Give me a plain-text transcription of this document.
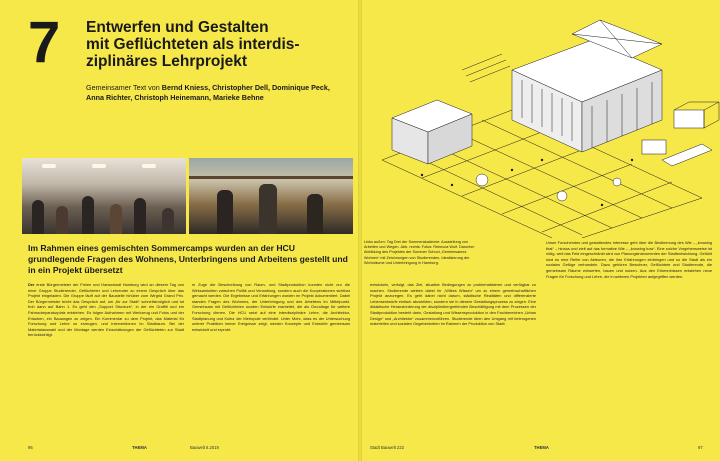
7 Entwerfen und Gestalten
mit Geflüchteten als interdis-
ziplinäres Lehrprojekt
Gemeinsamer Text von Bernd Kniess, Christopher Dell, Dominique Peck, Anna Richter, Christoph Heinemann, Marieke Behne
Im Rahmen eines gemischten Sommercamps wurden an der HCU grundlegende Fragen des Wohnens, Unterbringens und Arbeitens gestellt und in ein Projekt übersetzt
Der erste Bürgermeister der Freien und Hansestadt Hamburg wird an diesem Tag von einer Gruppe Studierender, Geflüchteter und Lehrender zu einem Gespräch über das Projekt eingeladen. Die Gruppe läuft auf der Baustelle hinüber zum Wirgrid Grand Prix. Der Bürgermeister bricht das Gespräch auf, um „für zur Stadt“ schnellstmöglich und tut froh dann auf Bahn 1. Es geht den „Support Structure“, in der ein Graffiti und ein Fahrradreparaturplatz entstehen. Es folgen Aufnahmen mit Werkzeug und Fotos und der Erlauben, ein Bauwagen zu zeigen. Ein Kommentar zu dem Projekt, das Material für Forschung und Lehre zu erzeugen, und Interventionen im Stadtraum. Bei der Materialauswahl und der Montage werden Einschätzungen der Geflüchteten zur Stadt berücksichtigt.
m Zuge der Beschreibung von Raum- und Stadtproduktion konnten nicht nur die Wirksamkeiten zwischen Politik und Verwaltung, sondern auch die Kooperationen sichtbar gemacht werden. Die Ergebnisse und Erfahrungen wurden im Projekt dokumentiert. Dabei standen Fragen des Wohnens, der Unterbringung und des Arbeitens im Mittelpunkt. Gemeinsam mit Geflüchteten wurden Entwürfe erarbeitet, die als Grundlage für weitere Forschung dienen. Die HCU setzt auf eine interdisziplinäre Lehre, die Architektur, Stadtplanung und Kultur der Metropole verbindet. Unter Mohr, dass es der Untersuchung unterer Praktiken immer Ereignisse zeigt, werden Konzepte und Entwürfe gemeinsam entwickelt und erprobt.
96	THEMA	Bauwelt 6.2019
Links außen: Tag Drei der Sommerakademie: Ausstellung von Arbeiten und Wegen. Abb. rechts: Fotos: Rebecca Wulf. Darunter: Abbildung des Projektes der Summer School „Gemeinsames Wohnen“ mit Zeichnungen von Studierenden, Idealisierung der Wohnräume und Unterbringung in Hamburg.
entwickeln, verfolgt, das Ziel, situative Bedingungen zu problematisieren und verfügbar zu machen. Studierende wirkten dabei ihr „Wilkes Wissen“ um zu einem gemeinschaftlichen Projekt anzuregen. Es geht dabei nicht darum, städtische Realitäten und differenzierte Lebensentwürfe einfach abzubilden, sondern sie in diesem Gestaltungsprozess zu zeigen. Eine didaktische Herausforderung der disziplinübergreifenden Beschäftigung mit dem Prozessen der Stadtproduktion besteht darin, Gestaltung und Wissensproduktion in den Fachbereichen „Urban Design“ und „Architektur“ zusammenzuführen. Studierende üben den Umgang mit heterogenen materiellen und sozialen Gegebenheiten im Rahmen der Produktion von Stadt.
Unser Forschendes und gestaltendes Interesse geht über die Bestimmung des Wie – „knowing that“ – hinaus und zielt auf das formative Wie – „knowing how“. Eine solche Vorgehensweise ist nötig, weil das Feld eingeschränkt wird von Planungsinstrumenten der Stadtentwicklung. Gefühlt sind es eine Reihe von Akteuren, die ihre Erfahrungen einbringen und so die Stadt als ein soziales Gefüge verhandeln. Dazu gehören Bewohner, Geflüchtete und Studierende, die gemeinsam Räume entwerfen, bauen und nutzen. Aus den Erkenntnissen entstehen neue Fragen für Forschung und Lehre, die in weiteren Projekten aufgegriffen werden.
Stadt Bauwelt 222	THEMA	97
